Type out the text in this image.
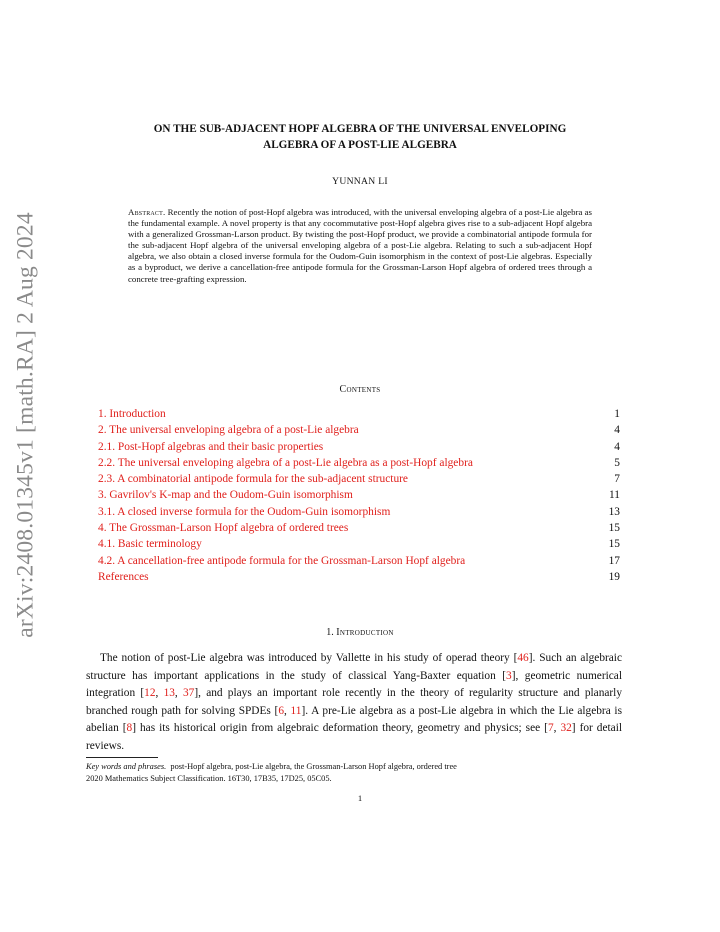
arXiv:2408.01345v1 [math.RA] 2 Aug 2024
ON THE SUB-ADJACENT HOPF ALGEBRA OF THE UNIVERSAL ENVELOPING
ALGEBRA OF A POST-LIE ALGEBRA
YUNNAN LI
Abstract. Recently the notion of post-Hopf algebra was introduced, with the universal enveloping algebra of a post-Lie algebra as the fundamental example. A novel property is that any cocommutative post-Hopf algebra gives rise to a sub-adjacent Hopf algebra with a generalized Grossman-Larson product. By twisting the post-Hopf product, we provide a combinatorial antipode formula for the sub-adjacent Hopf algebra of the universal enveloping algebra of a post-Lie algebra. Relating to such a sub-adjacent Hopf algebra, we also obtain a closed inverse formula for the Oudom-Guin isomorphism in the context of post-Lie algebras. Especially as a byproduct, we derive a cancellation-free antipode formula for the Grossman-Larson Hopf algebra of ordered trees through a concrete tree-grafting expression.
Contents
1. Introduction	1
2. The universal enveloping algebra of a post-Lie algebra	4
2.1. Post-Hopf algebras and their basic properties	4
2.2. The universal enveloping algebra of a post-Lie algebra as a post-Hopf algebra	5
2.3. A combinatorial antipode formula for the sub-adjacent structure	7
3. Gavrilov's K-map and the Oudom-Guin isomorphism	11
3.1. A closed inverse formula for the Oudom-Guin isomorphism	13
4. The Grossman-Larson Hopf algebra of ordered trees	15
4.1. Basic terminology	15
4.2. A cancellation-free antipode formula for the Grossman-Larson Hopf algebra	17
References	19
1. Introduction

The notion of post-Lie algebra was introduced by Vallette in his study of operad theory [46]. Such an algebraic structure has important applications in the study of classical Yang-Baxter equation [3], geometric numerical integration [12, 13, 37], and plays an important role recently in the theory of regularity structure and planarly branched rough path for solving SPDEs [6, 11]. A pre-Lie algebra as a post-Lie algebra in which the Lie algebra is abelian [8] has its historical origin from algebraic deformation theory, geometry and physics; see [7, 32] for detail reviews.

Key words and phrases. post-Hopf algebra, post-Lie algebra, the Grossman-Larson Hopf algebra, ordered tree
2020 Mathematics Subject Classification. 16T30, 17B35, 17D25, 05C05.
1
